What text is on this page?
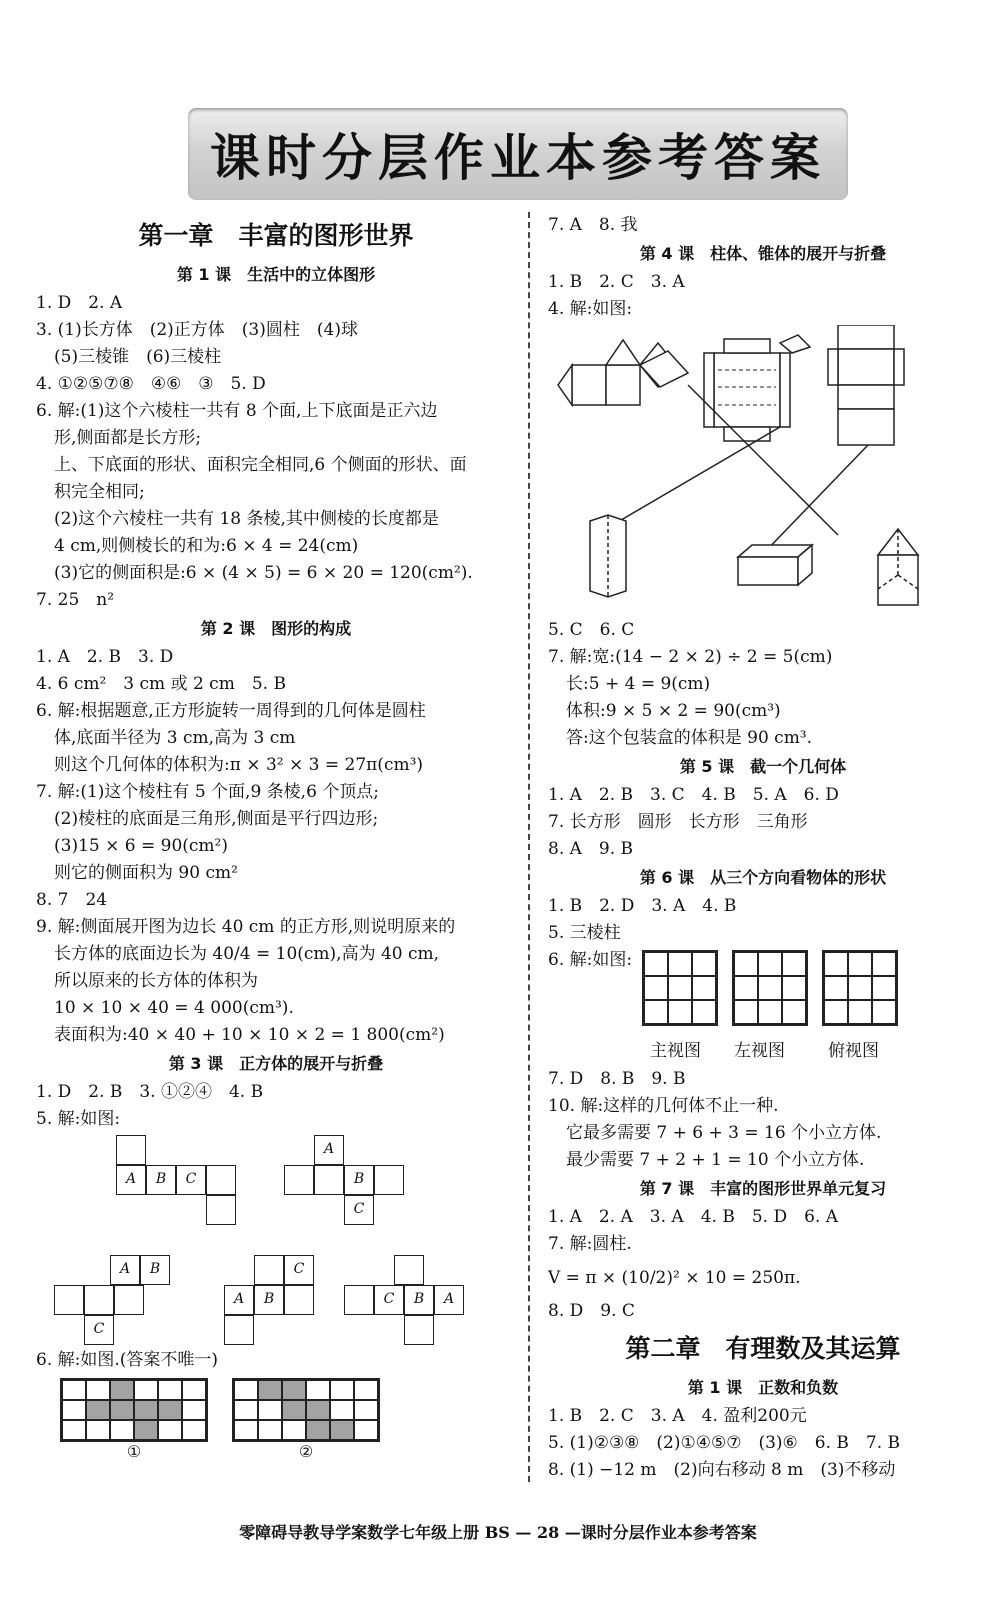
课时分层作业本参考答案
第一章　丰富的图形世界
第 1 课　生活中的立体图形
1. D　2. A
3. (1)长方体　(2)正方体　(3)圆柱　(4)球
(5)三棱锥　(6)三棱柱
4. ①②⑤⑦⑧　④⑥　③　5. D
6. 解:(1)这个六棱柱一共有 8 个面,上下底面是正六边
形,侧面都是长方形;
上、下底面的形状、面积完全相同,6 个侧面的形状、面
积完全相同;
(2)这个六棱柱一共有 18 条棱,其中侧棱的长度都是
4 cm,则侧棱长的和为:6 × 4 = 24(cm)
(3)它的侧面积是:6 × (4 × 5) = 6 × 20 = 120(cm²).
7. 25　n²
第 2 课　图形的构成
1. A　2. B　3. D
4. 6 cm²　3 cm 或 2 cm　5. B
6. 解:根据题意,正方形旋转一周得到的几何体是圆柱
体,底面半径为 3 cm,高为 3 cm
则这个几何体的体积为:π × 3² × 3 = 27π(cm³)
7. 解:(1)这个棱柱有 5 个面,9 条棱,6 个顶点;
(2)棱柱的底面是三角形,侧面是平行四边形;
(3)15 × 6 = 90(cm²)
则它的侧面积为 90 cm²
8. 7　24
9. 解:侧面展开图为边长 40 cm 的正方形,则说明原来的
长方体的底面边长为 40/4 = 10(cm),高为 40 cm,
所以原来的长方体的体积为
10 × 10 × 40 = 4 000(cm³).
表面积为:40 × 40 + 10 × 10 × 2 = 1 800(cm²)
第 3 课　正方体的展开与折叠
1. D　2. B　3. ①②④　4. B
5. 解:如图:
A	B	C
A
B
C
A	B
C
C
A	B	C	B	A
6. 解:如图.(答案不唯一)
①	②
7. A　8. 我
第 4 课　柱体、锥体的展开与折叠
1. B　2. C　3. A
4. 解:如图:
5. C　6. C
7. 解:宽:(14 − 2 × 2) ÷ 2 = 5(cm)
长:5 + 4 = 9(cm)
体积:9 × 5 × 2 = 90(cm³)
答:这个包装盒的体积是 90 cm³.
第 5 课　截一个几何体
1. A　2. B　3. C　4. B　5. A　6. D
7. 长方形　圆形　长方形　三角形
8. A　9. B
第 6 课　从三个方向看物体的形状
1. B　2. D　3. A　4. B
5. 三棱柱
6. 解:如图:
主视图 左视图	俯视图
7. D　8. B　9. B
10. 解:这样的几何体不止一种.
它最多需要 7 + 6 + 3 = 16 个小立方体.
最少需要 7 + 2 + 1 = 10 个小立方体.
第 7 课　丰富的图形世界单元复习
1. A　2. A　3. A　4. B　5. D　6. A
7. 解:圆柱.
V = π × (10/2)² × 10 = 250π.
8. D　9. C
第二章　有理数及其运算
第 1 课　正数和负数
1. B　2. C　3. A　4. 盈利200元
5. (1)②③⑧　(2)①④⑤⑦　(3)⑥　6. B　7. B
8. (1) −12 m　(2)向右移动 8 m　(3)不移动
零障碍导教导学案数学七年级上册 BS — 28 —课时分层作业本参考答案
